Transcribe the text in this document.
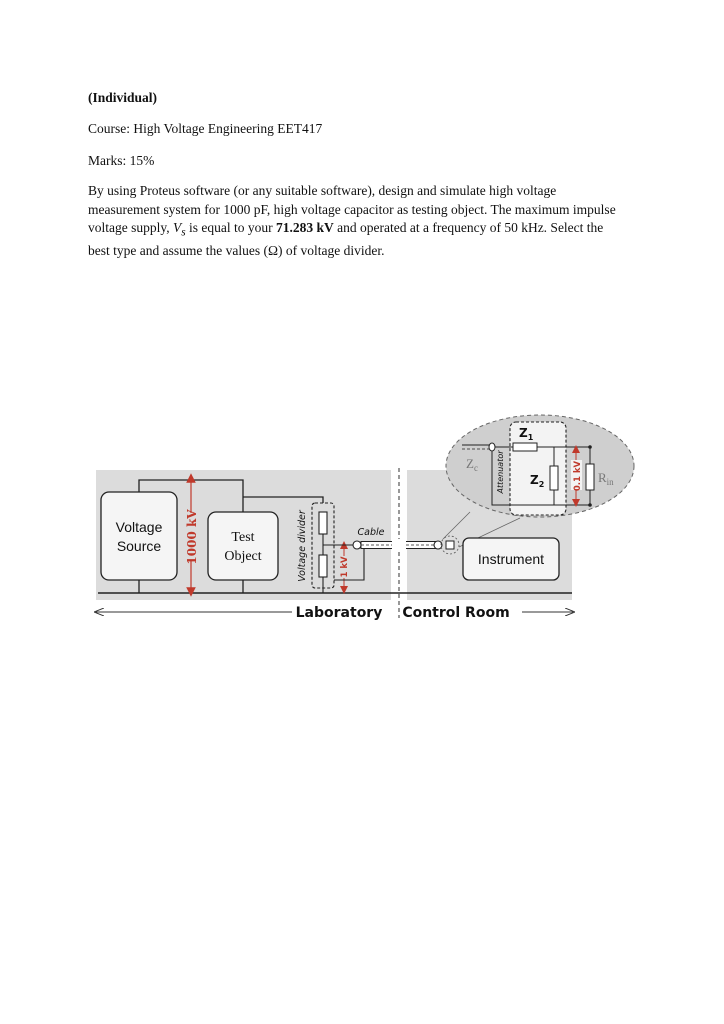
(Individual)
Course: High Voltage Engineering EET417
Marks: 15%
By using Proteus software (or any suitable software), design and simulate high voltage measurement system for 1000 pF, high voltage capacitor as testing object. The maximum impulse voltage supply, $V_s$ is equal to your 71.283 kV and operated at a frequency of 50 kHz. Select the best type and assume the values (Ω) of voltage divider.
Voltage
Source 1000 kV Test
Object	Voltage divider	1 kV
Cable
Instrument
Attenuator
$Z_c$
$Z_1$
$Z_2$	0.1 kV $R_{in}$
Laboratory Control Room
